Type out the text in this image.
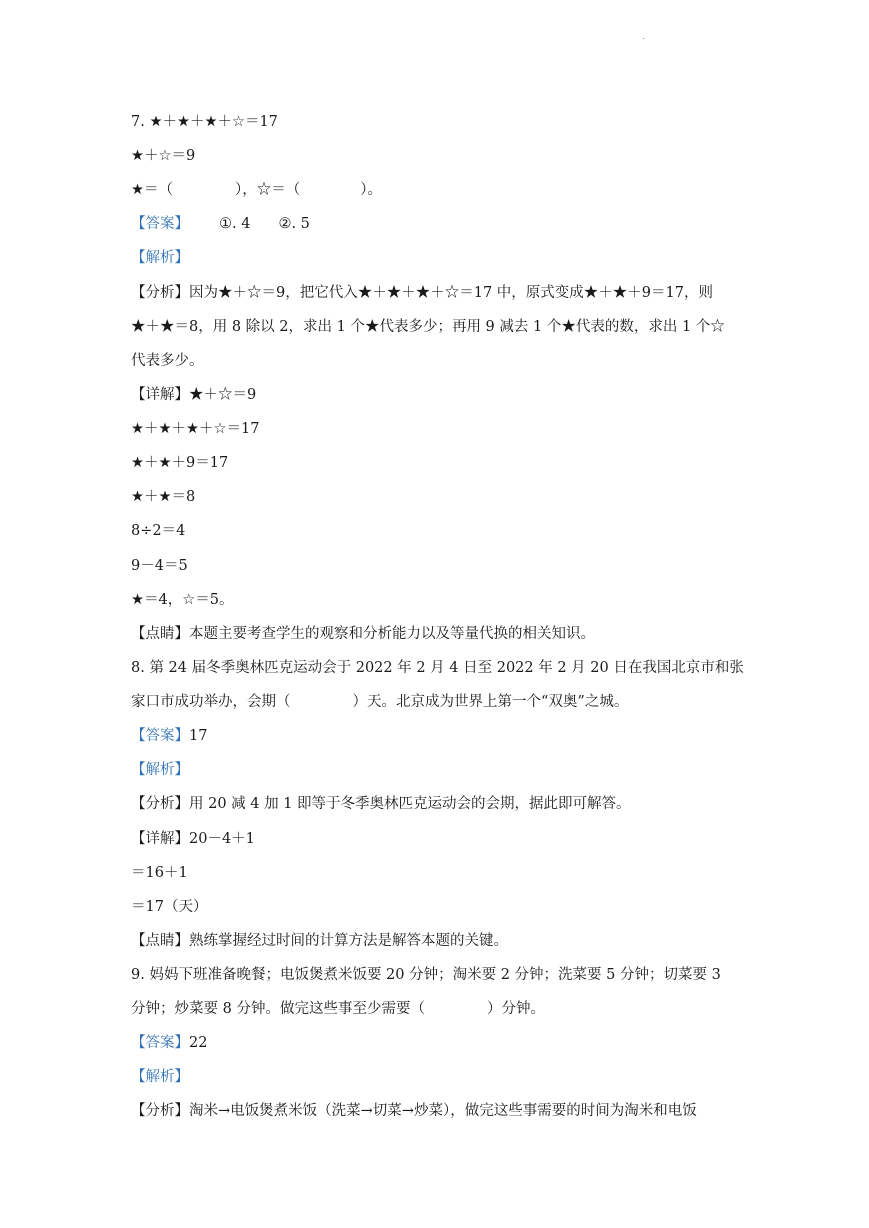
.
7. ★＋★＋★＋☆＝17
★＋☆＝9
★＝（	），☆＝（	）。
【答案】 ①. 4 ②. 5
【解析】
【分析】因为★＋☆＝9，把它代入★＋★＋★＋☆＝17 中，原式变成★＋★＋9＝17，则
★＋★＝8，用 8 除以 2，求出 1 个★代表多少；再用 9 减去 1 个★代表的数，求出 1 个☆
代表多少。
【详解】★＋☆＝9
★＋★＋★＋☆＝17
★＋★＋9＝17
★＋★＝8
8÷2＝4
9－4＝5
★＝4，☆＝5。
【点睛】本题主要考查学生的观察和分析能力以及等量代换的相关知识。
8. 第 24 届冬季奥林匹克运动会于 2022 年 2 月 4 日至 2022 年 2 月 20 日在我国北京市和张
家口市成功举办，会期（	）天。北京成为世界上第一个“双奥”之城。
【答案】17
【解析】
【分析】用 20 减 4 加 1 即等于冬季奥林匹克运动会的会期，据此即可解答。
【详解】20－4＋1
＝16＋1
＝17（天）
【点睛】熟练掌握经过时间的计算方法是解答本题的关键。
9. 妈妈下班准备晚餐；电饭煲煮米饭要 20 分钟；淘米要 2 分钟；洗菜要 5 分钟；切菜要 3
分钟；炒菜要 8 分钟。做完这些事至少需要（	）分钟。
【答案】22
【解析】
【分析】淘米→电饭煲煮米饭（洗菜→切菜→炒菜），做完这些事需要的时间为淘米和电饭
